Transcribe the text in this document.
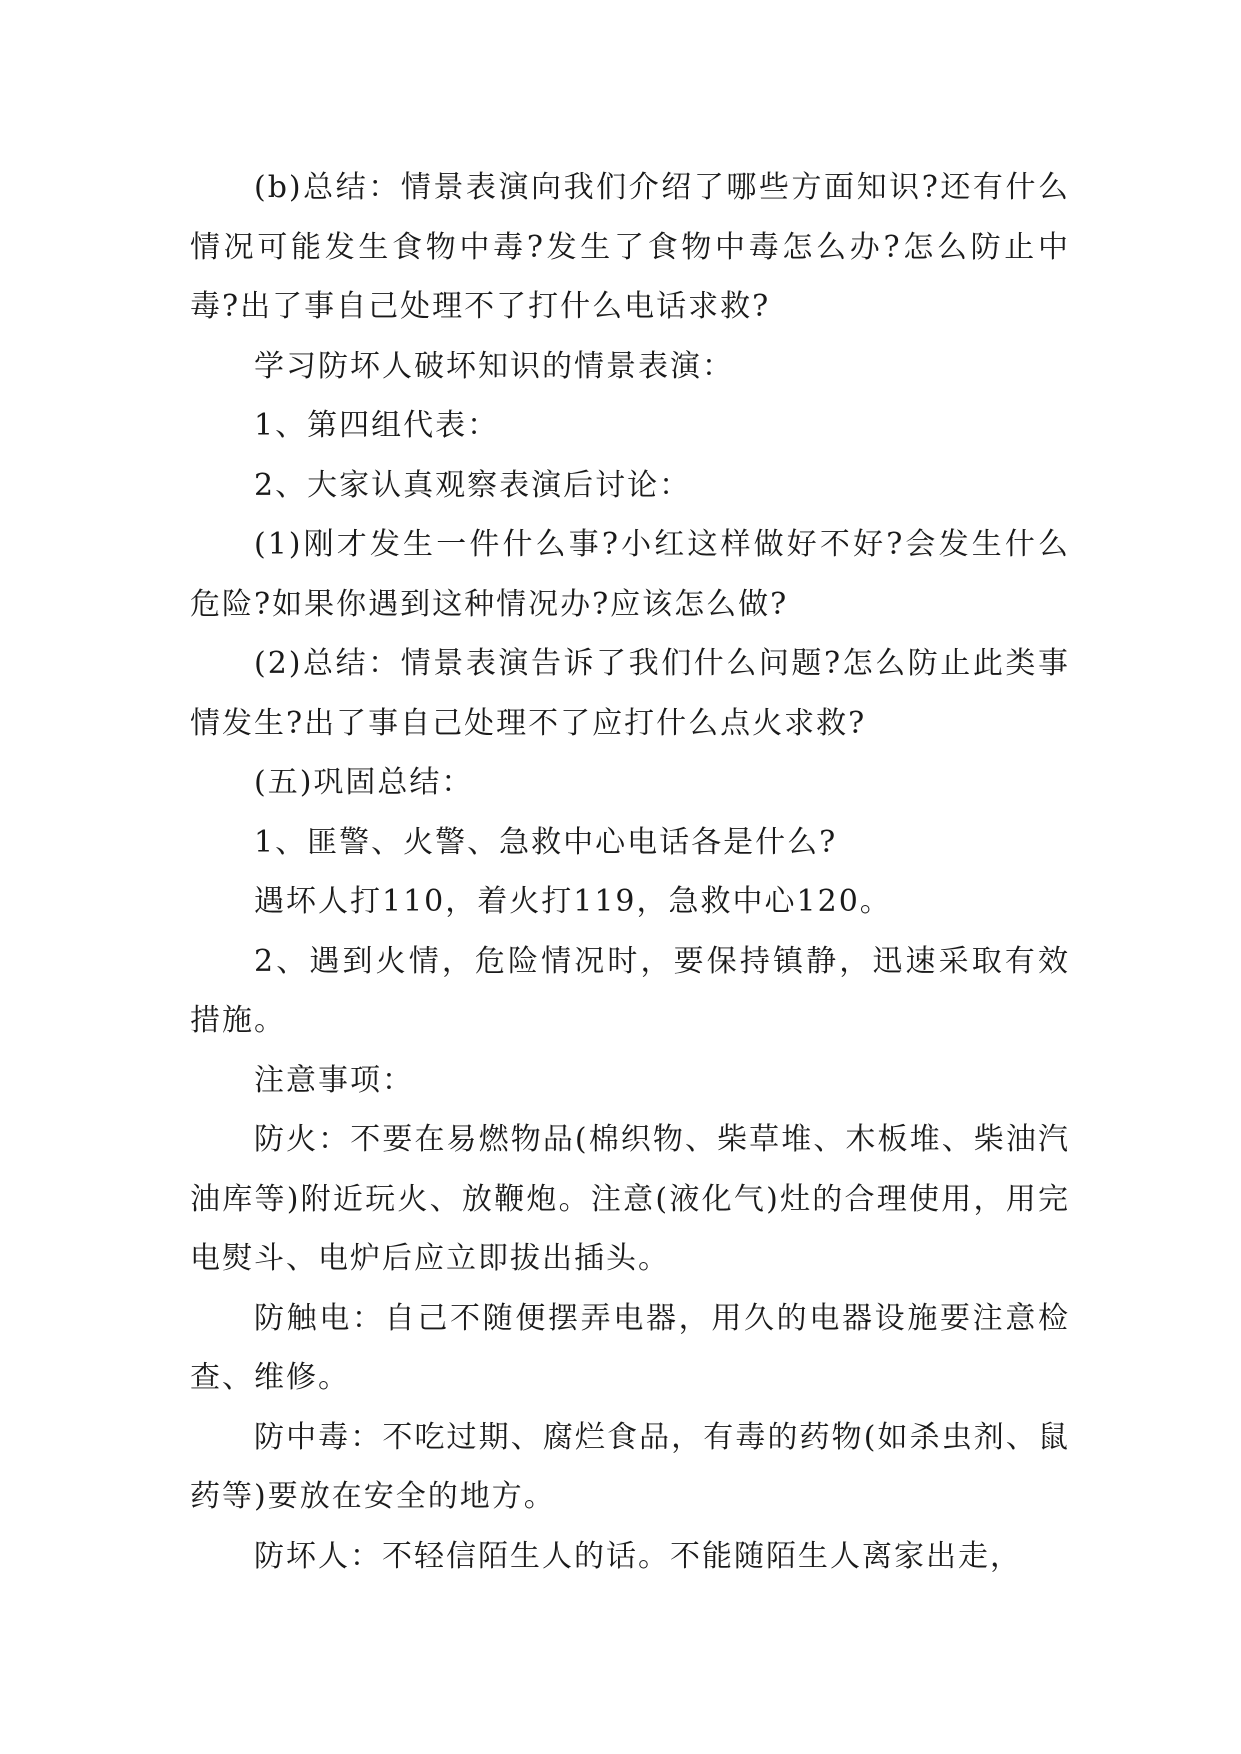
(b)总结：情景表演向我们介绍了哪些方面知识?还有什么情况可能发生食物中毒?发生了食物中毒怎么办?怎么防止中毒?出了事自己处理不了打什么电话求救?

学习防坏人破坏知识的情景表演：

1、第四组代表：

2、大家认真观察表演后讨论：

(1)刚才发生一件什么事?小红这样做好不好?会发生什么危险?如果你遇到这种情况办?应该怎么做?

(2)总结：情景表演告诉了我们什么问题?怎么防止此类事情发生?出了事自己处理不了应打什么点火求救?

(五)巩固总结：

1、匪警、火警、急救中心电话各是什么?

遇坏人打110，着火打119，急救中心120。

2、遇到火情，危险情况时，要保持镇静，迅速采取有效措施。

注意事项：

防火：不要在易燃物品(棉织物、柴草堆、木板堆、柴油汽油库等)附近玩火、放鞭炮。注意(液化气)灶的合理使用，用完电熨斗、电炉后应立即拔出插头。

防触电：自己不随便摆弄电器，用久的电器设施要注意检查、维修。

防中毒：不吃过期、腐烂食品，有毒的药物(如杀虫剂、鼠药等)要放在安全的地方。

防坏人：不轻信陌生人的话。不能随陌生人离家出走，
